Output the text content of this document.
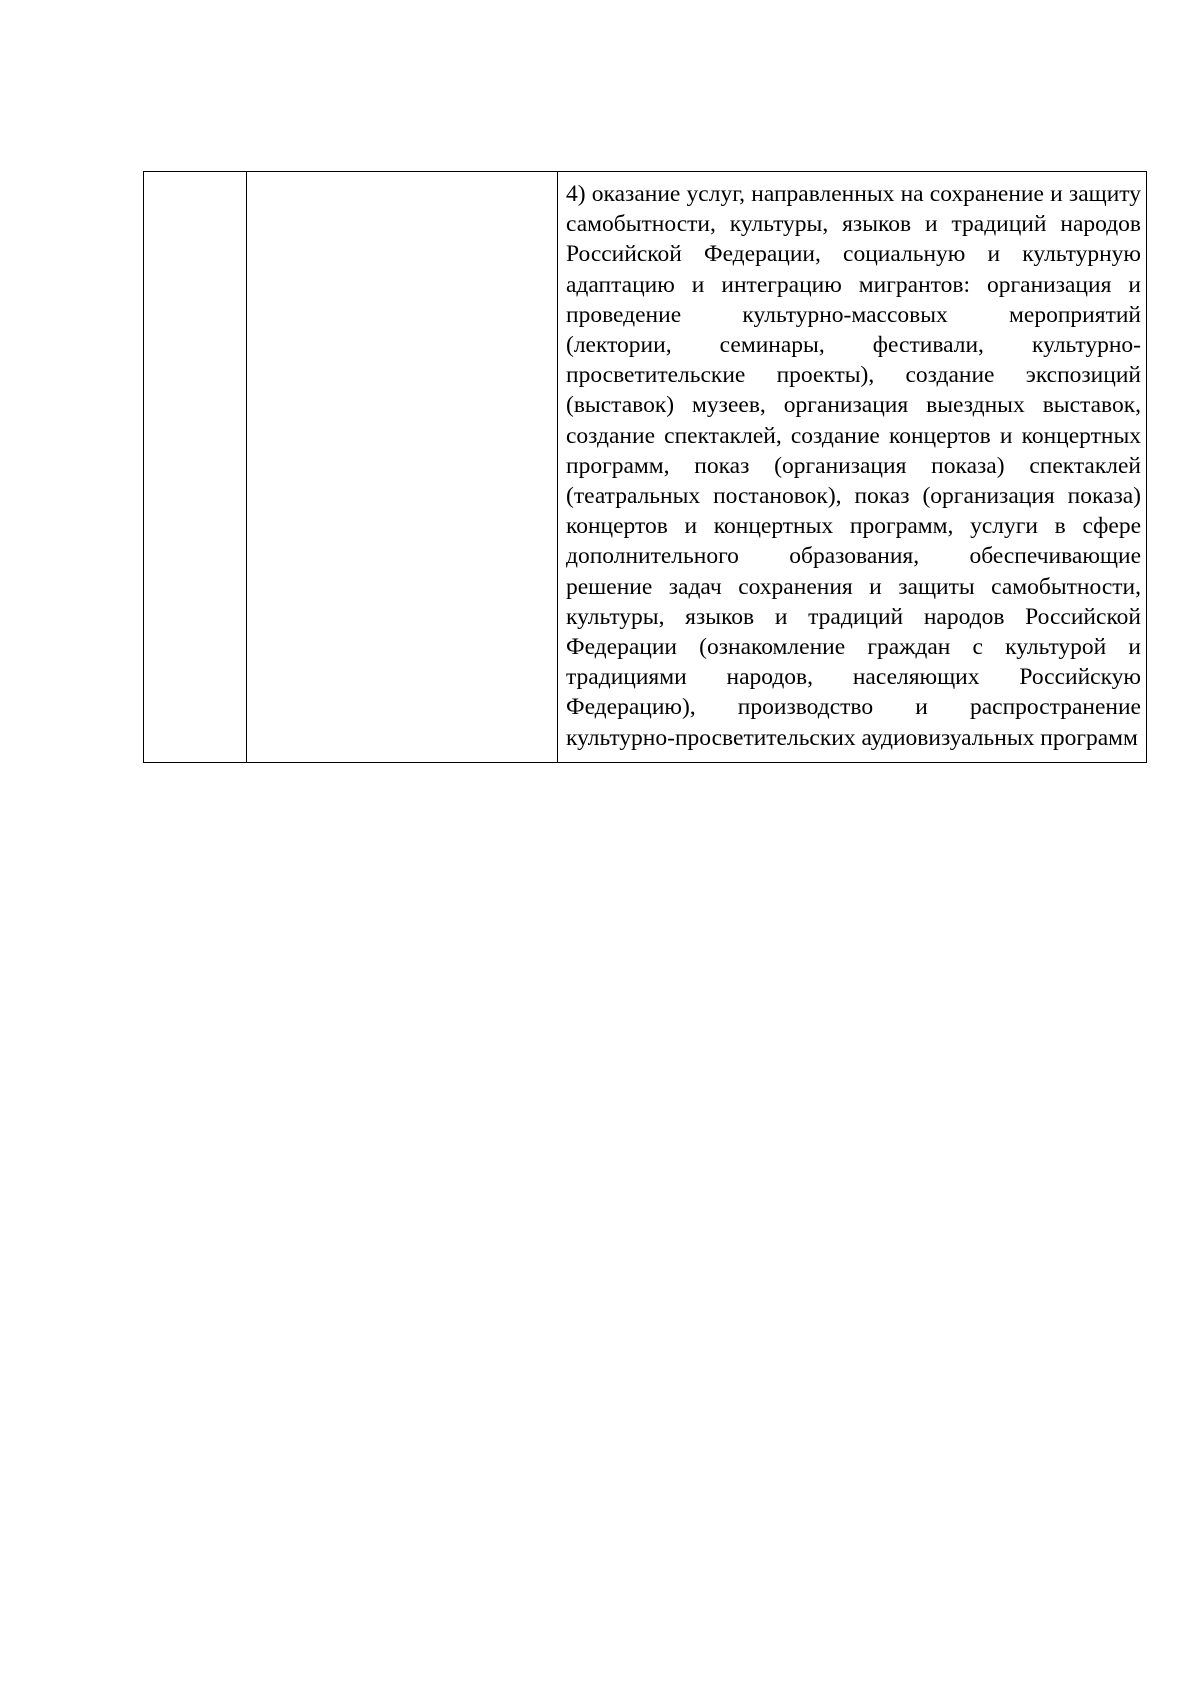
4) оказание услуг, направленных на сохранение и защиту самобытности, культуры, языков и традиций народов Российской Федерации, социальную и культурную адаптацию и интеграцию мигрантов: организация и проведение культурно-массовых мероприятий (лектории, семинары, фестивали, культурно-просветительские проекты), создание экспозиций (выставок) музеев, организация выездных выставок, создание спектаклей, создание концертов и концертных программ, показ (организация показа) спектаклей (театральных постановок), показ (организация показа) концертов и концертных программ, услуги в сфере дополнительного образования, обеспечивающие решение задач сохранения и защиты самобытности, культуры, языков и традиций народов Российской Федерации (ознакомление граждан с культурой и традициями народов, населяющих Российскую Федерацию), производство и распространение культурно-просветительских аудиовизуальных программ
